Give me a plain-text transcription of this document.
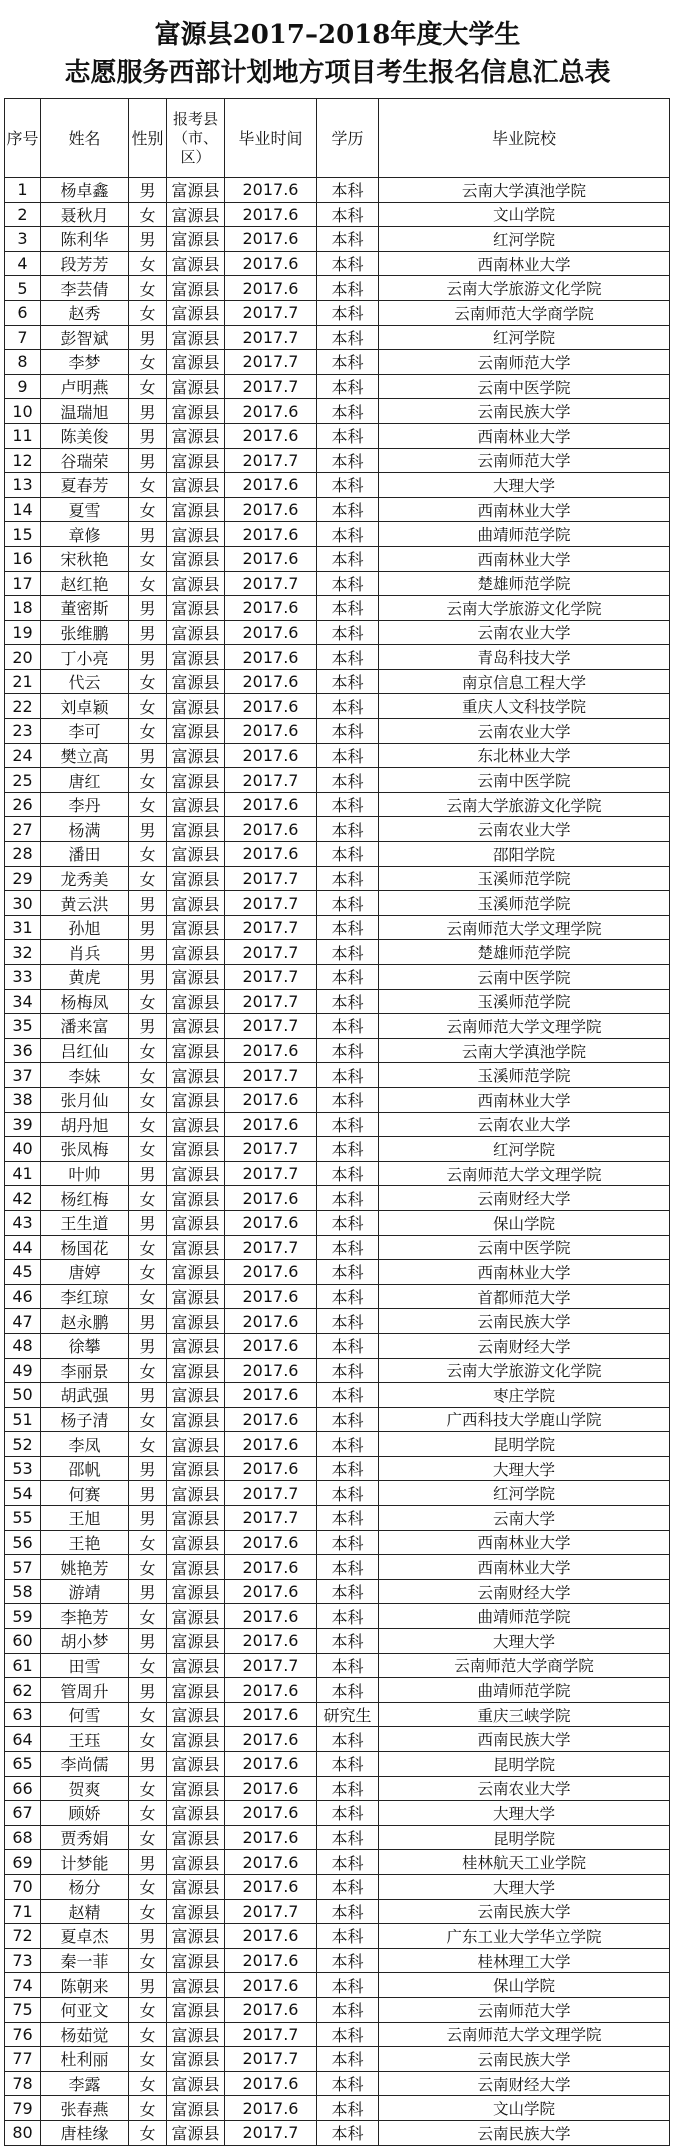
富源县2017–2018年度大学生
志愿服务西部计划地方项目考生报名信息汇总表
序号	姓名	性别	报考县（市、区）	毕业时间	学历	毕业院校
1	杨卓鑫	男	富源县	2017.6	本科	云南大学滇池学院
2	聂秋月	女	富源县	2017.6	本科	文山学院
3	陈利华	男	富源县	2017.6	本科	红河学院
4	段芳芳	女	富源县	2017.6	本科	西南林业大学
5	李芸倩	女	富源县	2017.6	本科	云南大学旅游文化学院
6	赵秀	女	富源县	2017.7	本科	云南师范大学商学院
7	彭智斌	男	富源县	2017.7	本科	红河学院
8	李梦	女	富源县	2017.7	本科	云南师范大学
9	卢明燕	女	富源县	2017.7	本科	云南中医学院
10	温瑞旭	男	富源县	2017.6	本科	云南民族大学
11	陈美俊	男	富源县	2017.6	本科	西南林业大学
12	谷瑞荣	男	富源县	2017.7	本科	云南师范大学
13	夏春芳	女	富源县	2017.6	本科	大理大学
14	夏雪	女	富源县	2017.6	本科	西南林业大学
15	章修	男	富源县	2017.6	本科	曲靖师范学院
16	宋秋艳	女	富源县	2017.6	本科	西南林业大学
17	赵红艳	女	富源县	2017.7	本科	楚雄师范学院
18	董密斯	男	富源县	2017.6	本科	云南大学旅游文化学院
19	张维鹏	男	富源县	2017.6	本科	云南农业大学
20	丁小亮	男	富源县	2017.6	本科	青岛科技大学
21	代云	女	富源县	2017.6	本科	南京信息工程大学
22	刘卓颖	女	富源县	2017.6	本科	重庆人文科技学院
23	李可	女	富源县	2017.6	本科	云南农业大学
24	樊立高	男	富源县	2017.6	本科	东北林业大学
25	唐红	女	富源县	2017.7	本科	云南中医学院
26	李丹	女	富源县	2017.6	本科	云南大学旅游文化学院
27	杨满	男	富源县	2017.6	本科	云南农业大学
28	潘田	女	富源县	2017.6	本科	邵阳学院
29	龙秀美	女	富源县	2017.7	本科	玉溪师范学院
30	黄云洪	男	富源县	2017.7	本科	玉溪师范学院
31	孙旭	男	富源县	2017.7	本科	云南师范大学文理学院
32	肖兵	男	富源县	2017.7	本科	楚雄师范学院
33	黄虎	男	富源县	2017.7	本科	云南中医学院
34	杨梅凤	女	富源县	2017.7	本科	玉溪师范学院
35	潘来富	男	富源县	2017.7	本科	云南师范大学文理学院
36	吕红仙	女	富源县	2017.6	本科	云南大学滇池学院
37	李妹	女	富源县	2017.7	本科	玉溪师范学院
38	张月仙	女	富源县	2017.6	本科	西南林业大学
39	胡丹旭	女	富源县	2017.6	本科	云南农业大学
40	张凤梅	女	富源县	2017.7	本科	红河学院
41	叶帅	男	富源县	2017.7	本科	云南师范大学文理学院
42	杨红梅	女	富源县	2017.6	本科	云南财经大学
43	王生道	男	富源县	2017.6	本科	保山学院
44	杨国花	女	富源县	2017.7	本科	云南中医学院
45	唐婷	女	富源县	2017.6	本科	西南林业大学
46	李红琼	女	富源县	2017.6	本科	首都师范大学
47	赵永鹏	男	富源县	2017.6	本科	云南民族大学
48	徐攀	男	富源县	2017.6	本科	云南财经大学
49	李丽景	女	富源县	2017.6	本科	云南大学旅游文化学院
50	胡武强	男	富源县	2017.6	本科	枣庄学院
51	杨子清	女	富源县	2017.6	本科	广西科技大学鹿山学院
52	李凤	女	富源县	2017.6	本科	昆明学院
53	邵帆	男	富源县	2017.6	本科	大理大学
54	何赛	男	富源县	2017.7	本科	红河学院
55	王旭	男	富源县	2017.7	本科	云南大学
56	王艳	女	富源县	2017.6	本科	西南林业大学
57	姚艳芳	女	富源县	2017.6	本科	西南林业大学
58	游靖	男	富源县	2017.6	本科	云南财经大学
59	李艳芳	女	富源县	2017.6	本科	曲靖师范学院
60	胡小梦	男	富源县	2017.6	本科	大理大学
61	田雪	女	富源县	2017.7	本科	云南师范大学商学院
62	管周升	男	富源县	2017.6	本科	曲靖师范学院
63	何雪	女	富源县	2017.6	研究生	重庆三峡学院
64	王珏	女	富源县	2017.6	本科	西南民族大学
65	李尚儒	男	富源县	2017.6	本科	昆明学院
66	贺爽	女	富源县	2017.6	本科	云南农业大学
67	顾娇	女	富源县	2017.6	本科	大理大学
68	贾秀娟	女	富源县	2017.6	本科	昆明学院
69	计梦能	男	富源县	2017.6	本科	桂林航天工业学院
70	杨分	女	富源县	2017.6	本科	大理大学
71	赵精	女	富源县	2017.7	本科	云南民族大学
72	夏卓杰	男	富源县	2017.6	本科	广东工业大学华立学院
73	秦一菲	女	富源县	2017.6	本科	桂林理工大学
74	陈朝来	男	富源县	2017.6	本科	保山学院
75	何亚文	女	富源县	2017.6	本科	云南师范大学
76	杨茹觉	女	富源县	2017.7	本科	云南师范大学文理学院
77	杜利丽	女	富源县	2017.7	本科	云南民族大学
78	李露	女	富源县	2017.6	本科	云南财经大学
79	张春燕	女	富源县	2017.6	本科	文山学院
80	唐桂缘	女	富源县	2017.7	本科	云南民族大学
